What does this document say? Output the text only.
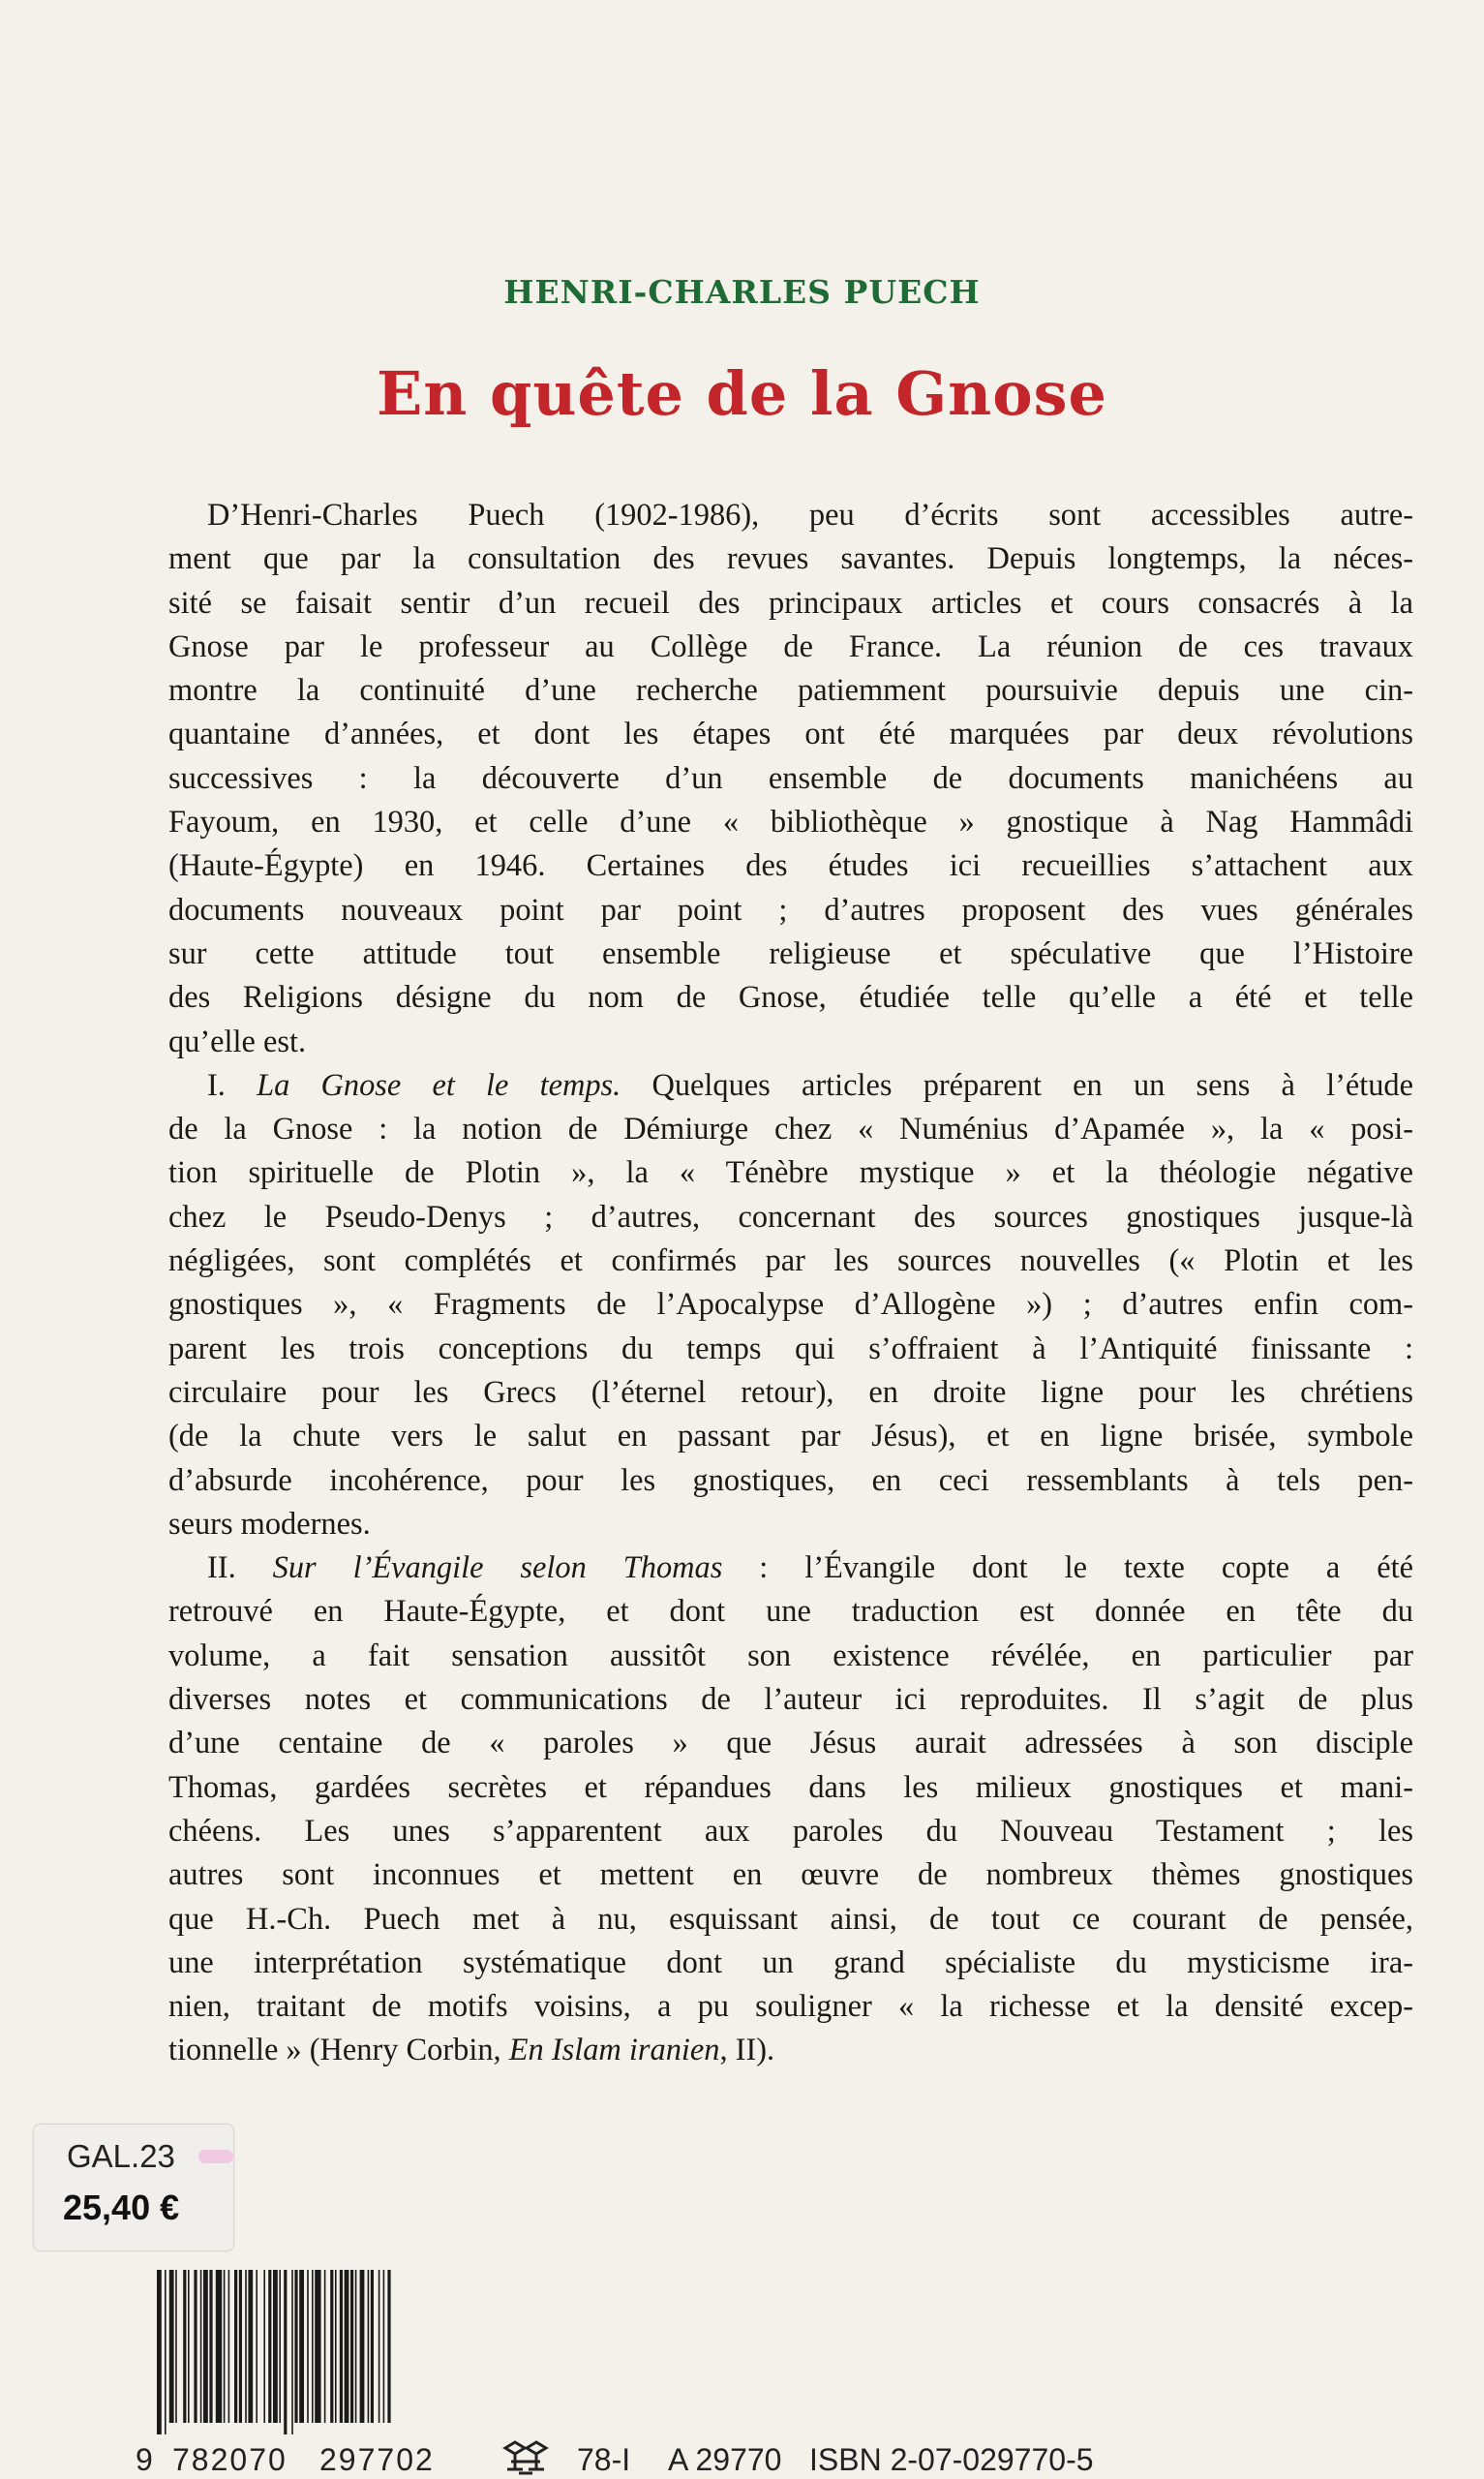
HENRI-CHARLES PUECH
En quête de la Gnose
D’Henri-Charles Puech (1902-1986), peu d’écrits sont accessibles autre-
ment que par la consultation des revues savantes. Depuis longtemps, la néces-
sité se faisait sentir d’un recueil des principaux articles et cours consacrés à la
Gnose par le professeur au Collège de France. La réunion de ces travaux
montre la continuité d’une recherche patiemment poursuivie depuis une cin-
quantaine d’années, et dont les étapes ont été marquées par deux révolutions
successives : la découverte d’un ensemble de documents manichéens au
Fayoum, en 1930, et celle d’une « bibliothèque » gnostique à Nag Hammâdi
(Haute-Égypte) en 1946. Certaines des études ici recueillies s’attachent aux
documents nouveaux point par point ; d’autres proposent des vues générales
sur cette attitude tout ensemble religieuse et spéculative que l’Histoire
des Religions désigne du nom de Gnose, étudiée telle qu’elle a été et telle
qu’elle est.
I. La Gnose et le temps. Quelques articles préparent en un sens à l’étude
de la Gnose : la notion de Démiurge chez « Numénius d’Apamée », la « posi-
tion spirituelle de Plotin », la « Ténèbre mystique » et la théologie négative
chez le Pseudo-Denys ; d’autres, concernant des sources gnostiques jusque-là
négligées, sont complétés et confirmés par les sources nouvelles (« Plotin et les
gnostiques », « Fragments de l’Apocalypse d’Allogène ») ; d’autres enfin com-
parent les trois conceptions du temps qui s’offraient à l’Antiquité finissante :
circulaire pour les Grecs (l’éternel retour), en droite ligne pour les chrétiens
(de la chute vers le salut en passant par Jésus), et en ligne brisée, symbole
d’absurde incohérence, pour les gnostiques, en ceci ressemblants à tels pen-
seurs modernes.
II. Sur l’Évangile selon Thomas : l’Évangile dont le texte copte a été
retrouvé en Haute-Égypte, et dont une traduction est donnée en tête du
volume, a fait sensation aussitôt son existence révélée, en particulier par
diverses notes et communications de l’auteur ici reproduites. Il s’agit de plus
d’une centaine de « paroles » que Jésus aurait adressées à son disciple
Thomas, gardées secrètes et répandues dans les milieux gnostiques et mani-
chéens. Les unes s’apparentent aux paroles du Nouveau Testament ; les
autres sont inconnues et mettent en œuvre de nombreux thèmes gnostiques
que H.-Ch. Puech met à nu, esquissant ainsi, de tout ce courant de pensée,
une interprétation systématique dont un grand spécialiste du mysticisme ira-
nien, traitant de motifs voisins, a pu souligner « la richesse et la densité excep-
tionnelle » (Henry Corbin, En Islam iranien, II).
GAL.23
25,40 €
9 782070 297702	78-I A 29770 ISBN 2-07-029770-5
